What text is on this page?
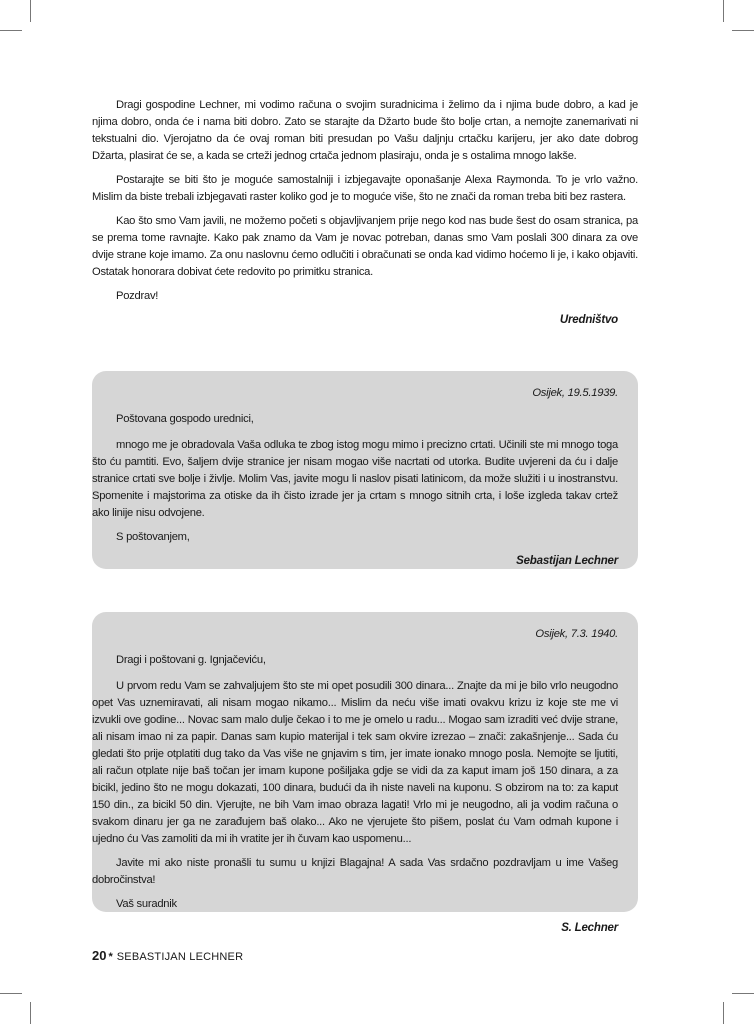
Dragi gospodine Lechner, mi vodimo računa o svojim suradnicima i želimo da i njima bude dobro, a kad je njima dobro, onda će i nama biti dobro. Zato se starajte da Džarto bude što bolje crtan, a nemojte zanemarivati ni tekstualni dio. Vjerojatno da će ovaj roman biti presudan po Vašu daljnju crtačku karijeru, jer ako date dobrog Džarta, plasirat će se, a kada se crteži jednog crtača jednom plasiraju, onda je s ostalima mnogo lakše.

Postarajte se biti što je moguće samostalniji i izbjegavajte oponašanje Alexa Raymonda. To je vrlo važno. Mislim da biste trebali izbjegavati raster koliko god je to moguće više, što ne znači da roman treba biti bez rastera.

Kao što smo Vam javili, ne možemo početi s objavljivanjem prije nego kod nas bude šest do osam stranica, pa se prema tome ravnajte. Kako pak znamo da Vam je novac potreban, danas smo Vam poslali 300 dinara za ove dvije strane koje imamo. Za onu naslovnu ćemo odlučiti i obračunati se onda kad vidimo hoćemo li je, i kako objaviti. Ostatak honorara dobivat ćete redovito po primitku stranica.

Pozdrav!

Uredništvo
Osijek, 19.5.1939.

Poštovana gospodo urednici,

mnogo me je obradovala Vaša odluka te zbog istog mogu mimo i precizno crtati. Učinili ste mi mnogo toga što ću pamtiti. Evo, šaljem dvije stranice jer nisam mogao više nacrtati od utorka. Budite uvjereni da ću i dalje stranice crtati sve bolje i življe. Molim Vas, javite mogu li naslov pisati latinicom, da može služiti i u inostranstvu. Spomenite i majstorima za otiske da ih čisto izrade jer ja crtam s mnogo sitnih crta, i loše izgleda takav crtež ako linije nisu odvojene.

S poštovanjem,

Sebastijan Lechner
Osijek, 7.3. 1940.

Dragi i poštovani g. Ignjačeviću,

U prvom redu Vam se zahvaljujem što ste mi opet posudili 300 dinara... Znajte da mi je bilo vrlo neugodno opet Vas uznemiravati, ali nisam mogao nikamo... Mislim da neću više imati ovakvu krizu iz koje ste me vi izvukli ove godine... Novac sam malo dulje čekao i to me je omelo u radu... Mogao sam izraditi već dvije strane, ali nisam imao ni za papir. Danas sam kupio materijal i tek sam okvire izrezao – znači: zakašnjenje... Sada ću gledati što prije otplatiti dug tako da Vas više ne gnjavim s tim, jer imate ionako mnogo posla. Nemojte se ljutiti, ali račun otplate nije baš točan jer imam kupone pošiljaka gdje se vidi da za kaput imam još 150 dinara, a za bicikl, jedino što ne mogu dokazati, 100 dinara, budući da ih niste naveli na kuponu. S obzirom na to: za kaput 150 din., za bicikl 50 din. Vjerujte, ne bih Vam imao obraza lagati! Vrlo mi je neugodno, ali ja vodim računa o svakom dinaru jer ga ne zarađujem baš olako... Ako ne vjerujete što pišem, poslat ću Vam odmah kupone i ujedno ću Vas zamoliti da mi ih vratite jer ih čuvam kao uspomenu...

Javite mi ako niste pronašli tu sumu u knjizi Blagajna! A sada Vas srdačno pozdravljam u ime Vašeg dobročinstva!

Vaš suradnik

S. Lechner
20 * SEBASTIJAN LECHNER
